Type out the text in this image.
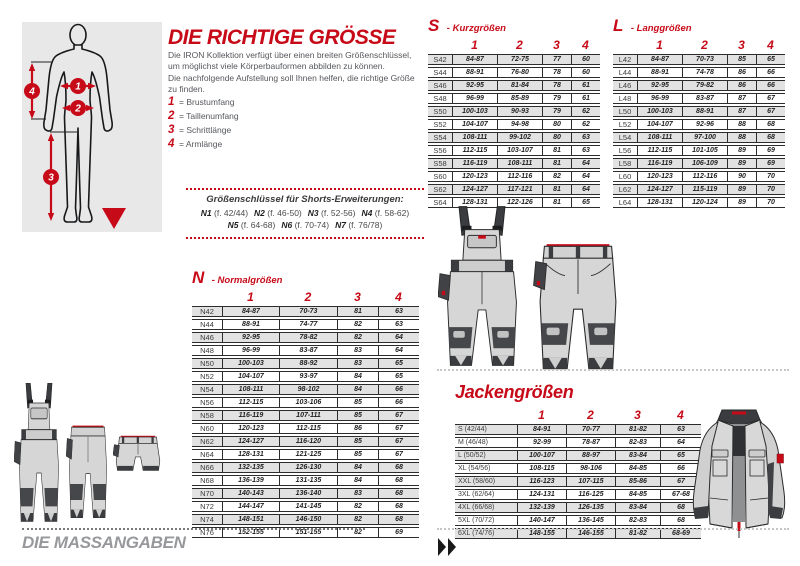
1
2
3
4
DIE RICHTIGE GRÖSSE

Die IRON Kollektion verfügt über einen breiten Größenschlüssel, um möglichst viele Körperbauformen abbilden zu können.

Die nachfolgende Aufstellung soll Ihnen helfen, die richtige Größe zu finden.

1 = Brustumfang
2 = Taillenumfang
3 = Schrittlänge
4 = Armlänge
Größenschlüssel für Shorts-Erweiterungen:
N1 (f. 42/44) N2 (f. 46-50) N3 (f. 52-56) N4 (f. 58-62)
N5 (f. 64-68) N6 (f. 70-74) N7 (f. 76/78)
S - Kurzgrößen
	1	2	3	4
S42	84-87	72-75	77	60
S44	88-91	76-80	78	60
S46	92-95	81-84	78	61
S48	96-99	85-89	79	61
S50	100-103	90-93	79	62
S52	104-107	94-98	80	62
S54	108-111	99-102	80	63
S56	112-115	103-107	81	63
S58	116-119	108-111	81	64
S60	120-123	112-116	82	64
S62	124-127	117-121	81	64
S64	128-131	122-126	81	65
L - Langgrößen
	1	2	3	4
L42	84-87	70-73	85	65
L44	88-91	74-78	86	66
L46	92-95	79-82	86	66
L48	96-99	83-87	87	67
L50	100-103	88-91	87	67
L52	104-107	92-96	88	68
L54	108-111	97-100	88	68
L56	112-115	101-105	89	69
L58	116-119	106-109	89	69
L60	120-123	112-116	90	70
L62	124-127	115-119	89	70
L64	128-131	120-124	89	70
N - Normalgrößen
	1	2	3	4
N42	84-87	70-73	81	63
N44	88-91	74-77	82	63
N46	92-95	78-82	82	64
N48	96-99	83-87	83	64
N50	100-103	88-92	83	65
N52	104-107	93-97	84	65
N54	108-111	98-102	84	66
N56	112-115	103-106	85	66
N58	116-119	107-111	85	67
N60	120-123	112-115	86	67
N62	124-127	116-120	85	67
N64	128-131	121-125	85	67
N66	132-135	126-130	84	68
N68	136-139	131-135	84	68
N70	140-143	136-140	83	68
N72	144-147	141-145	82	68
N74	148-151	146-150	82	68
N76	152-155	151-155	82	69
Jackengrößen
	1	2	3	4
S (42/44)	84-91	70-77	81-82	63
M (46/48)	92-99	78-87	82-83	64
L (50/52)	100-107	88-97	83-84	65
XL (54/56)	108-115	98-106	84-85	66
XXL (58/60)	116-123	107-115	85-86	67
3XL (62/64)	124-131	116-125	84-85	67-68
4XL (66/68)	132-139	126-135	83-84	68
5XL (70/72)	140-147	136-145	82-83	68
6XL (74/76)	148-155	146-155	81-82	68-69
DIE MASSANGABEN
